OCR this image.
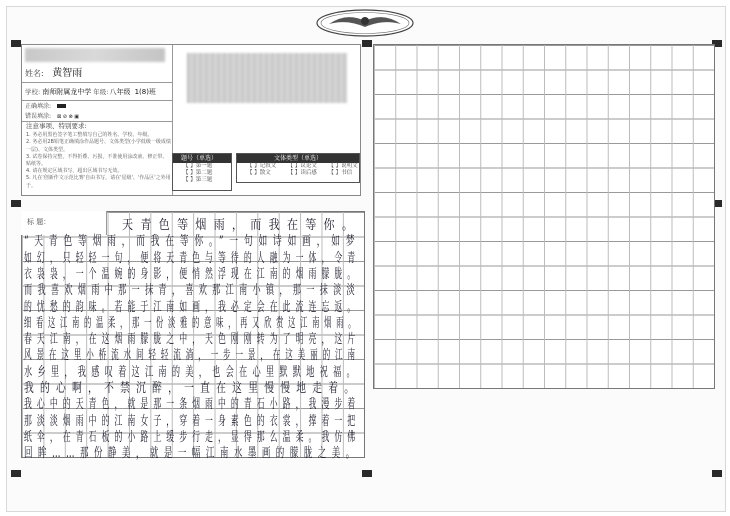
姓名: 黄智雨
学校: 南师附属龙中学 年级:八年级 1(8)班
正确填涂:
错误填涂: ⊠ ⊘ ⊗ ▣
注意事项、特别要求:
1. 务必用黑色签字笔工整填写自己的姓名、学校、年级。
2. 务必用2B铅笔正确填涂作品题号、文体类型(小学低级一级成绩一层)、文体类型。
3. 试卷保持完整，不得折叠、污损，不准使用涂改液、修正带、贴纸等。
4. 请在规定区域书写，超出区域书写无效。
5. 凡在'创新作文示范比赛'自由书写，请在'星级'、'作品区'之外用于。
题号（单选）
【 】第一题
【 】第二题
【 】第三题
文体类型（单选）
【 】记叙文	【 】议论文	【 】说明文
【 】散文	【 】读后感	【 】书信
标 题：	天青色等烟雨，而我在等你。
“天青色等烟雨，而我在等你。”一句如诗如画，如梦
如幻，只轻轻一句，便将天青色与等待的人融为一体，令青
衣袅袅，一个温婉的身影，便悄然浮现在江南的烟雨朦胧。
而我喜欢烟雨中那一抹青，喜欢那江南小镇，那一抹淡淡
的忧愁的韵味。若能于江南如画，我必定会在此流连忘返。
细看这江南的温柔，那一份淡雅的意味，再又欣赏这江南烟雨。
春天江南，在这烟雨朦胧之中，天色刚刚转为了明亮，这片
风景在这里小桥流水间轻轻流淌，一步一景，在这美丽的江南
水乡里，我感叹着这江南的美，也会在心里默默地祝福。
我的心啊，不禁沉醉，一直在这里慢慢地走着。
我心中的天青色，就是那一条烟雨中的青石小路，我漫步着
那淡淡烟雨中的江南女子，穿着一身素色的衣裳，撑着一把
纸伞，在青石板的小路上缓步行走，显得那么温柔。我仿佛
回眸……那份静美，就是一幅江南水墨画的朦胧之美。
